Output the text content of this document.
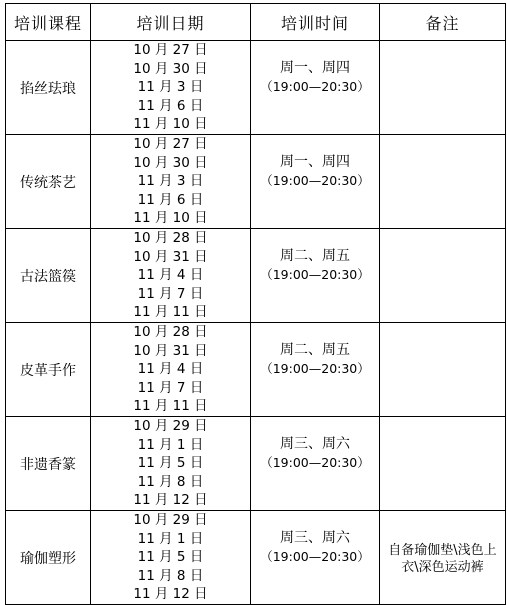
培训课程	培训日期	培训时间	备注
掐丝珐琅	10 月 27 日
10 月 30 日
11 月 3 日
11 月 6 日
11 月 10 日	周一、周四
（19:00—20:30）	

传统茶艺	10 月 27 日
10 月 30 日
11 月 3 日
11 月 6 日
11 月 10 日	周一、周四
（19:00—20:30）	

古法篮篌	10 月 28 日
10 月 31 日
11 月 4 日
11 月 7 日
11 月 11 日	周二、周五
（19:00—20:30）	

皮革手作	10 月 28 日
10 月 31 日
11 月 4 日
11 月 7 日
11 月 11 日	周二、周五
（19:00—20:30）	

非遗香篆	10 月 29 日
11 月 1 日
11 月 5 日
11 月 8 日
11 月 12 日	周三、周六
（19:00—20:30）	

瑜伽塑形	10 月 29 日
11 月 1 日
11 月 5 日
11 月 8 日
11 月 12 日	周三、周六
（19:00—20:30）	自备瑜伽垫\浅色上衣\深色运动裤
